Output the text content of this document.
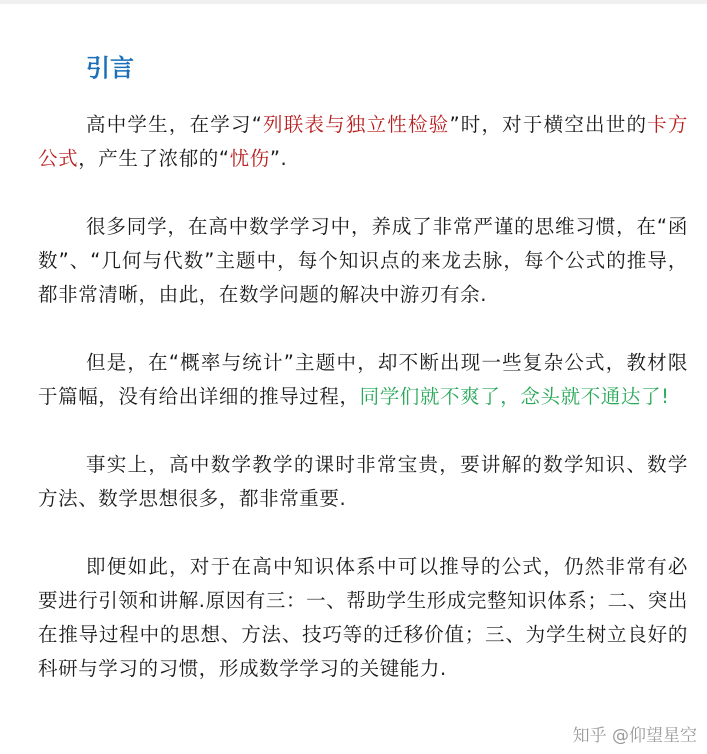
引言

高中学生，在学习“列联表与独立性检验”时，对于横空出世的卡方公式，产生了浓郁的“忧伤”.

很多同学，在高中数学学习中，养成了非常严谨的思维习惯，在“函数”、“几何与代数”主题中，每个知识点的来龙去脉，每个公式的推导，都非常清晰，由此，在数学问题的解决中游刃有余.

但是，在“概率与统计”主题中，却不断出现一些复杂公式，教材限于篇幅，没有给出详细的推导过程，同学们就不爽了，念头就不通达了!

事实上，高中数学教学的课时非常宝贵，要讲解的数学知识、数学方法、数学思想很多，都非常重要.

即便如此，对于在高中知识体系中可以推导的公式，仍然非常有必要进行引领和讲解.原因有三：一、帮助学生形成完整知识体系；二、突出在推导过程中的思想、方法、技巧等的迁移价值；三、为学生树立良好的科研与学习的习惯，形成数学学习的关键能力.

知乎 @仰望星空
